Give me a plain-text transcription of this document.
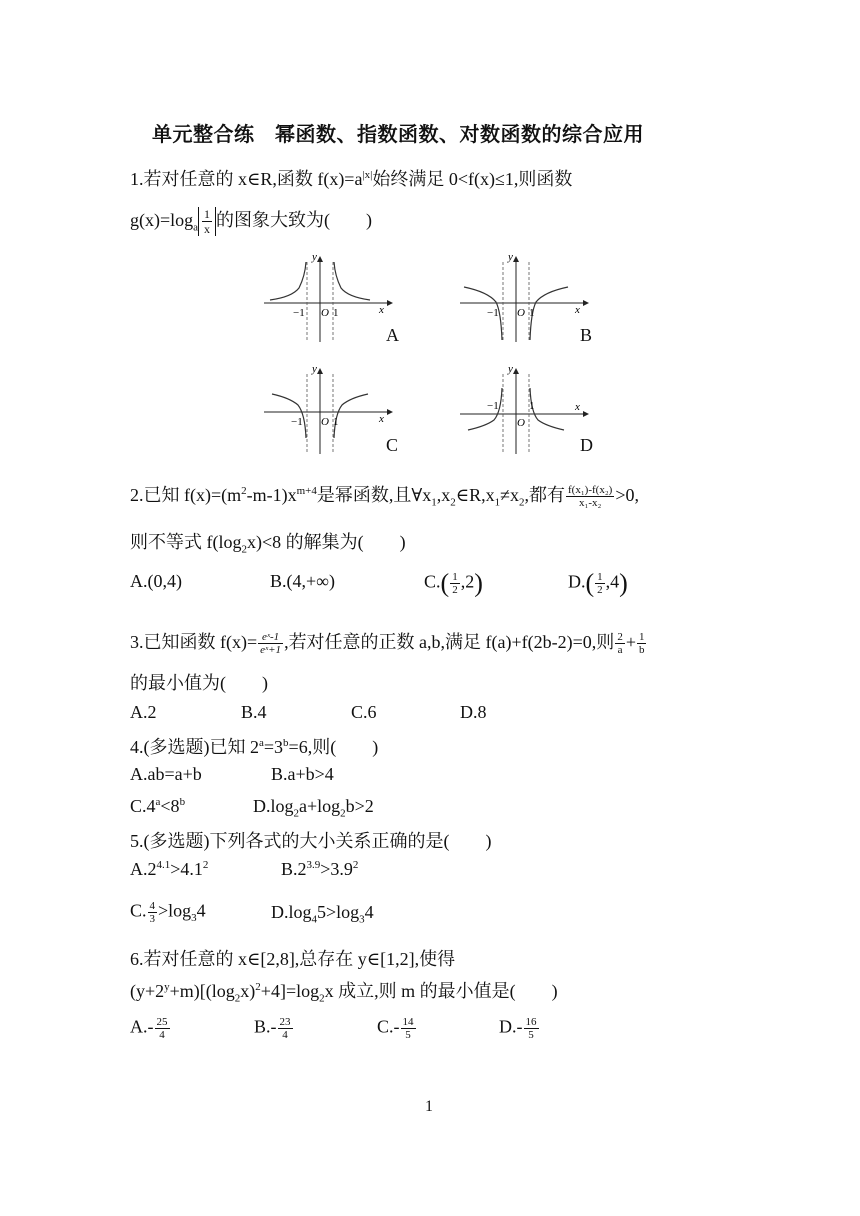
单元整合练　幂函数、指数函数、对数函数的综合应用
1.若对任意的 x∈R,函数 $f(x)=a^{|x|}$始终满足 0<f(x)≤1,则函数
$g(x)=\log_a \frac{1}{x}$ 的图象大致为(　　)
y
x
−1 O 1
A
y
x
−1 O 1
B
y
x
−1 O 1
C
y
x
−1
O
1
D
2.已知 $f(x)=(m^2-m-1)x^{m+4}$是幂函数,且$\forall x_1,x_2\in R,x_1\ne x_2$,都有 $\frac{\text{f(x₁)-f(x₂)}}{\text{x₁-x₂}} >0$,
则不等式 $f(\log_2x)<8$ 的解集为(　　)
A.(0,4)	B.(4,+∞)	$C.( \frac{1}{2} ,2)$	$D.( \frac{1}{2} ,4)$
3.已知函数 $f(x)= \frac{\text{eˣ-1}}{\text{eˣ+1}}$ ,若对任意的正数 a,b,满足 f(a)+f(2b-2)=0,则 $\frac{2}{a} + \frac{1}{b}$
的最小值为(　　)
A.2	B.4	C.6	D.8
4.(多选题)已知 $2^a=3^b=6$,则(　　)
A.ab=a+b	B.a+b>4
$C.4^a<8^b$	$D.\log_2a+\log_2b>2$
5.(多选题)下列各式的大小关系正确的是(　　)
$A.2^{4.1}>4.1^2$	$B.2^{3.9}>3.9^2$
C. $\frac{4}{3} >\log_34$	$D.\log_45>\log_34$
6.若对任意的 x∈[2,8],总存在 y∈[1,2],使得
$(y+2^y+m)[(\log_2x)^2+4]=\log_2x$ 成立,则 m 的最小值是(　　)
$A.- \frac{25}{4}$	$B.- \frac{23}{4}$	$C.- \frac{14}{5}$	$D.- \frac{16}{5}$
1
